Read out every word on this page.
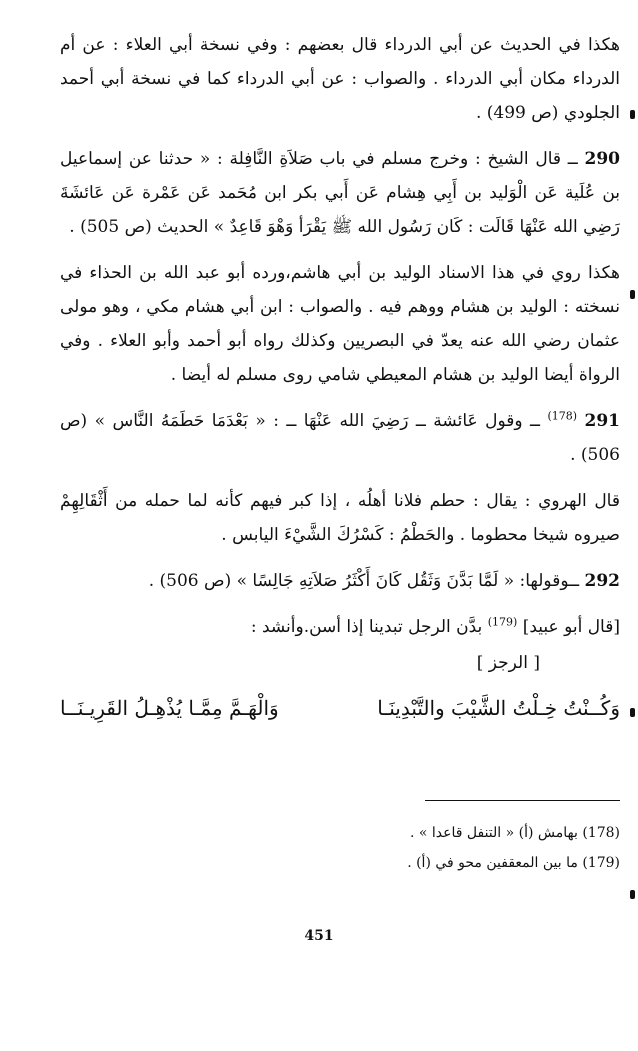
هكذا في الحديث عن أبي الدرداء قال بعضهم : وفي نسخة أبي العلاء : عن أم الدرداء مكان أبي الدرداء . والصواب : عن أبي الدرداء كما في نسخة أبي أحمد الجلودي (ص 499) .

290 ــ قال الشيخ : وخرج مسلم في باب صَلاَةِ النَّافِلة : « حدثنا عن إسماعيل بن عُلَية عَن الْوَليد بن أَبِي هِشام عَن أَبي بكر ابن مُحَمد عَن عَمْرة عَن عَائشَةَ رَضِي الله عَنْهَا قَالَت : كَان رَسُول الله ﷺ يَقْرَأ وَهْوَ قَاعِدٌ » الحديث (ص 505) .

هكذا روي في هذا الاسناد الوليد بن أبي هاشم،ورده أبو عبد الله بن الحذاء في نسخته : الوليد بن هشام ووهم فيه . والصواب : ابن أبي هشام مكي ، وهو مولى عثمان رضي الله عنه يعدّ في البصريين وكذلك رواه أبو أحمد وأبو العلاء . وفي الرواة أيضا الوليد بن هشام المعيطي شامي روى مسلم له أيضا .

291 $^{(178)}$ ــ وقول عَائشة ــ رَضِيَ الله عَنْهَا ــ : « بَعْدَمَا حَطَمَهُ النَّاس » (ص 506) .

قال الهروي : يقال : حطم فلانا أهلُه ، إذا كبر فيهم كأنه لما حمله من أَثْقَالِهِمْ صيروه شيخا محطوما . والحَطْمُ : كَسْرُكَ الشَّيْءَ اليابس .

292 ــوقولها: « لَمَّا بَدَّنَ وَثَقُل كَانَ أَكْثَرُ صَلاَتِهِ جَالِسًا » (ص 506) .

[قال أبو عبيد] $^{(179)}$ بدَّن الرجل تبدينا إذا أسن.وأنشد :

[ الرجز ]

وَكُــنْتُ خِـلْتُ الشَّيْبَ والتَّبْدِينَـا
وَالْهَـمَّ مِمَّـا يُذْهِـلُ القَرِيـنَــا
(178) بهامش (أ) « التنفل قاعدا » .
(179) ما بين المعقفين محو في (أ) .
451
